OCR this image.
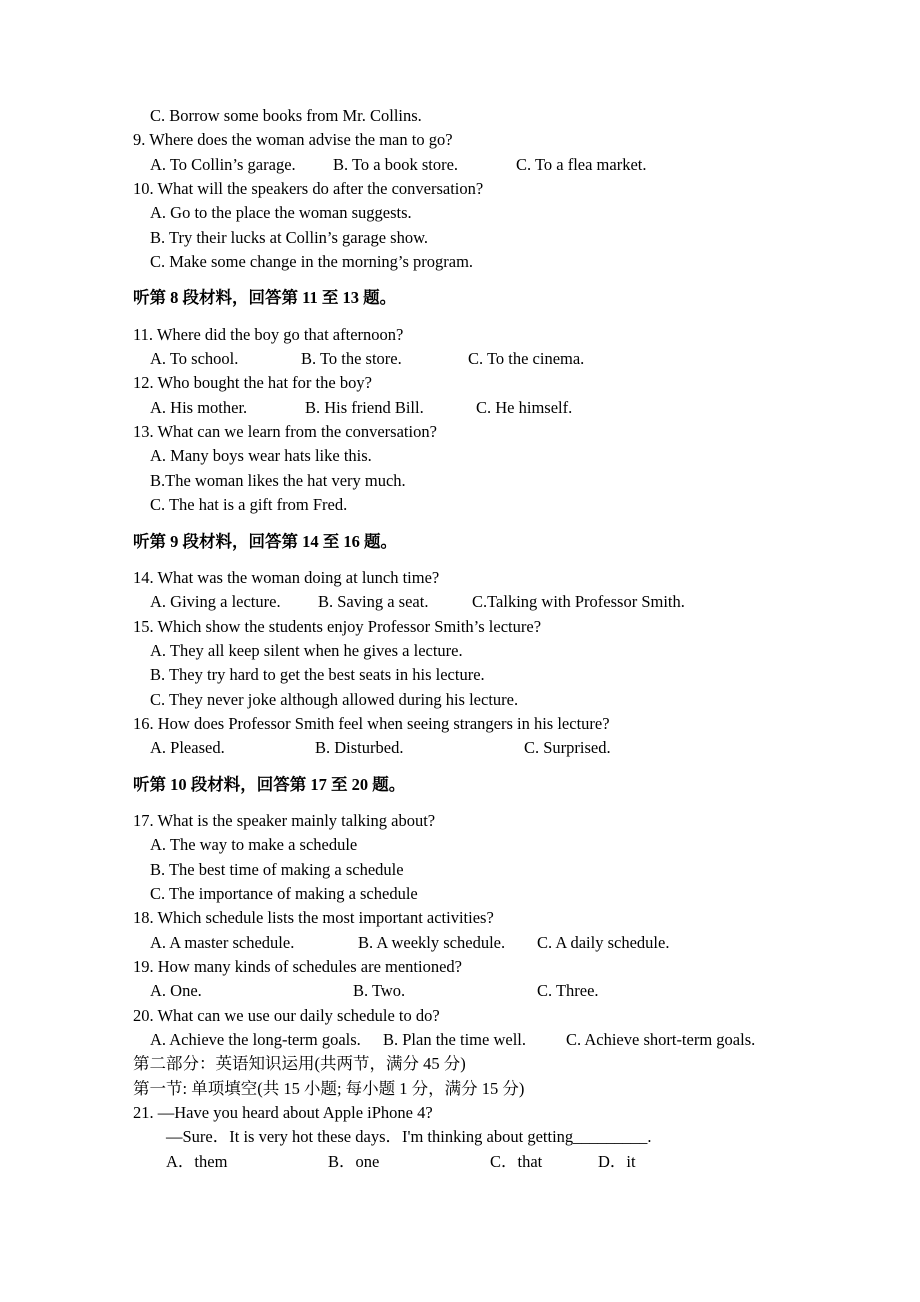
C. Borrow some books from Mr. Collins.
9. Where does the woman advise the man to go?
A. To Collin’s garage. B. To a book store.	C. To a flea market.
10. What will the speakers do after the conversation?
A. Go to the place the woman suggests.
B. Try their lucks at Collin’s garage show.
C. Make some change in the morning’s program.
听第 8 段材料，回答第 11 至 13 题。
11. Where did the boy go that afternoon?
A. To school.	B. To the store.	C. To the cinema.
12. Who bought the hat for the boy?
A. His mother.	B. His friend Bill.	C. He himself.
13. What can we learn from the conversation?
A. Many boys wear hats like this.
B.The woman likes the hat very much.
C. The hat is a gift from Fred.
听第 9 段材料，回答第 14 至 16 题。
14. What was the woman doing at lunch time?
A. Giving a lecture. B. Saving a seat.	C.Talking with Professor Smith.
15. Which show the students enjoy Professor Smith’s lecture?
A. They all keep silent when he gives a lecture.
B. They try hard to get the best seats in his lecture.
C. They never joke although allowed during his lecture.
16. How does Professor Smith feel when seeing strangers in his lecture?
A. Pleased.	B. Disturbed.	C. Surprised.
听第 10 段材料，回答第 17 至 20 题。
17. What is the speaker mainly talking about?
A. The way to make a schedule
B. The best time of making a schedule
C. The importance of making a schedule
18. Which schedule lists the most important activities?
A. A master schedule.	B. A weekly schedule. C. A daily schedule.
19. How many kinds of schedules are mentioned?
A. One.	B. Two.	C. Three.
20. What can we use our daily schedule to do?
A. Achieve the long-term goals. B. Plan the time well. C. Achieve short-term goals.
第二部分：英语知识运用(共两节，满分 45 分)
第一节: 单项填空(共 15 小题; 每小题 1 分，满分 15 分)
21. —Have you heard about Apple iPhone 4?
—Sure．It is very hot these days．I'm thinking about getting_________.
A．them	B．one	C．that	D．it
